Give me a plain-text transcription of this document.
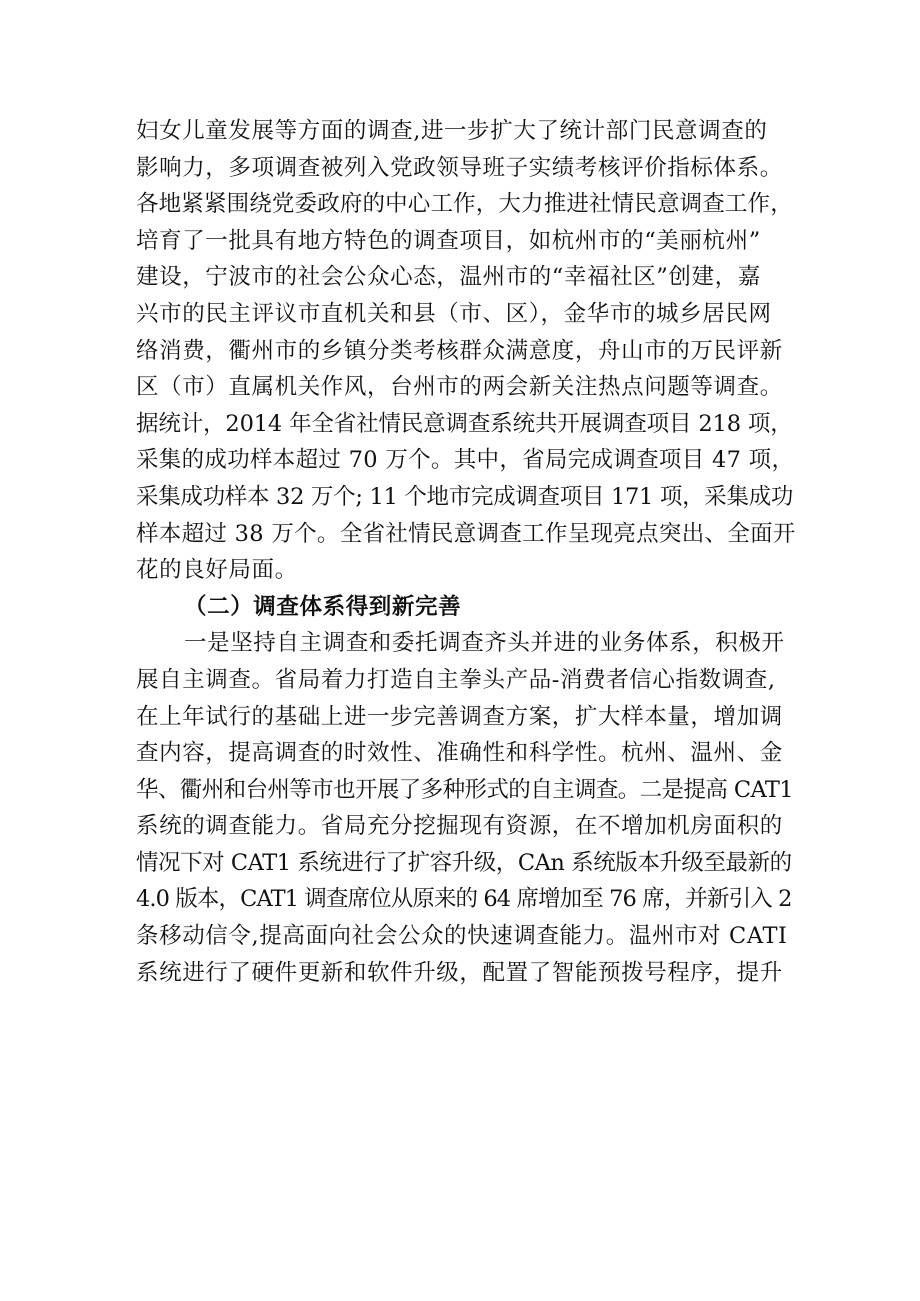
妇女儿童发展等方面的调查,进一步扩大了统计部门民意调查的
影响力，多项调查被列入党政领导班子实绩考核评价指标体系。
各地紧紧围绕党委政府的中心工作，大力推进社情民意调查工作，
培育了一批具有地方特色的调查项目，如杭州市的“美丽杭州”
建设，宁波市的社会公众心态，温州市的“幸福社区”创建，嘉
兴市的民主评议市直机关和县（市、区），金华市的城乡居民网
络消费，衢州市的乡镇分类考核群众满意度，舟山市的万民评新
区（市）直属机关作风，台州市的两会新关注热点问题等调查。
据统计，2014 年全省社情民意调查系统共开展调查项目 218 项，
采集的成功样本超过 70 万个。其中，省局完成调查项目 47 项，
采集成功样本 32 万个; 11 个地市完成调查项目 171 项，采集成功
样本超过 38 万个。全省社情民意调查工作呈现亮点突出、全面开
花的良好局面。
（二）调查体系得到新完善
一是坚持自主调查和委托调查齐头并进的业务体系，积极开
展自主调查。省局着力打造自主拳头产品-消费者信心指数调查,
在上年试行的基础上进一步完善调查方案，扩大样本量，增加调
查内容，提高调查的时效性、准确性和科学性。杭州、温州、金
华、衢州和台州等市也开展了多种形式的自主调查。二是提高 CAT1
系统的调查能力。省局充分挖掘现有资源，在不增加机房面积的
情况下对 CAT1 系统进行了扩容升级，CAn 系统版本升级至最新的
4.0 版本，CAT1 调查席位从原来的 64 席增加至 76 席，并新引入 2
条移动信令,提高面向社会公众的快速调查能力。温州市对 CATI
系统进行了硬件更新和软件升级，配置了智能预拨号程序，提升
